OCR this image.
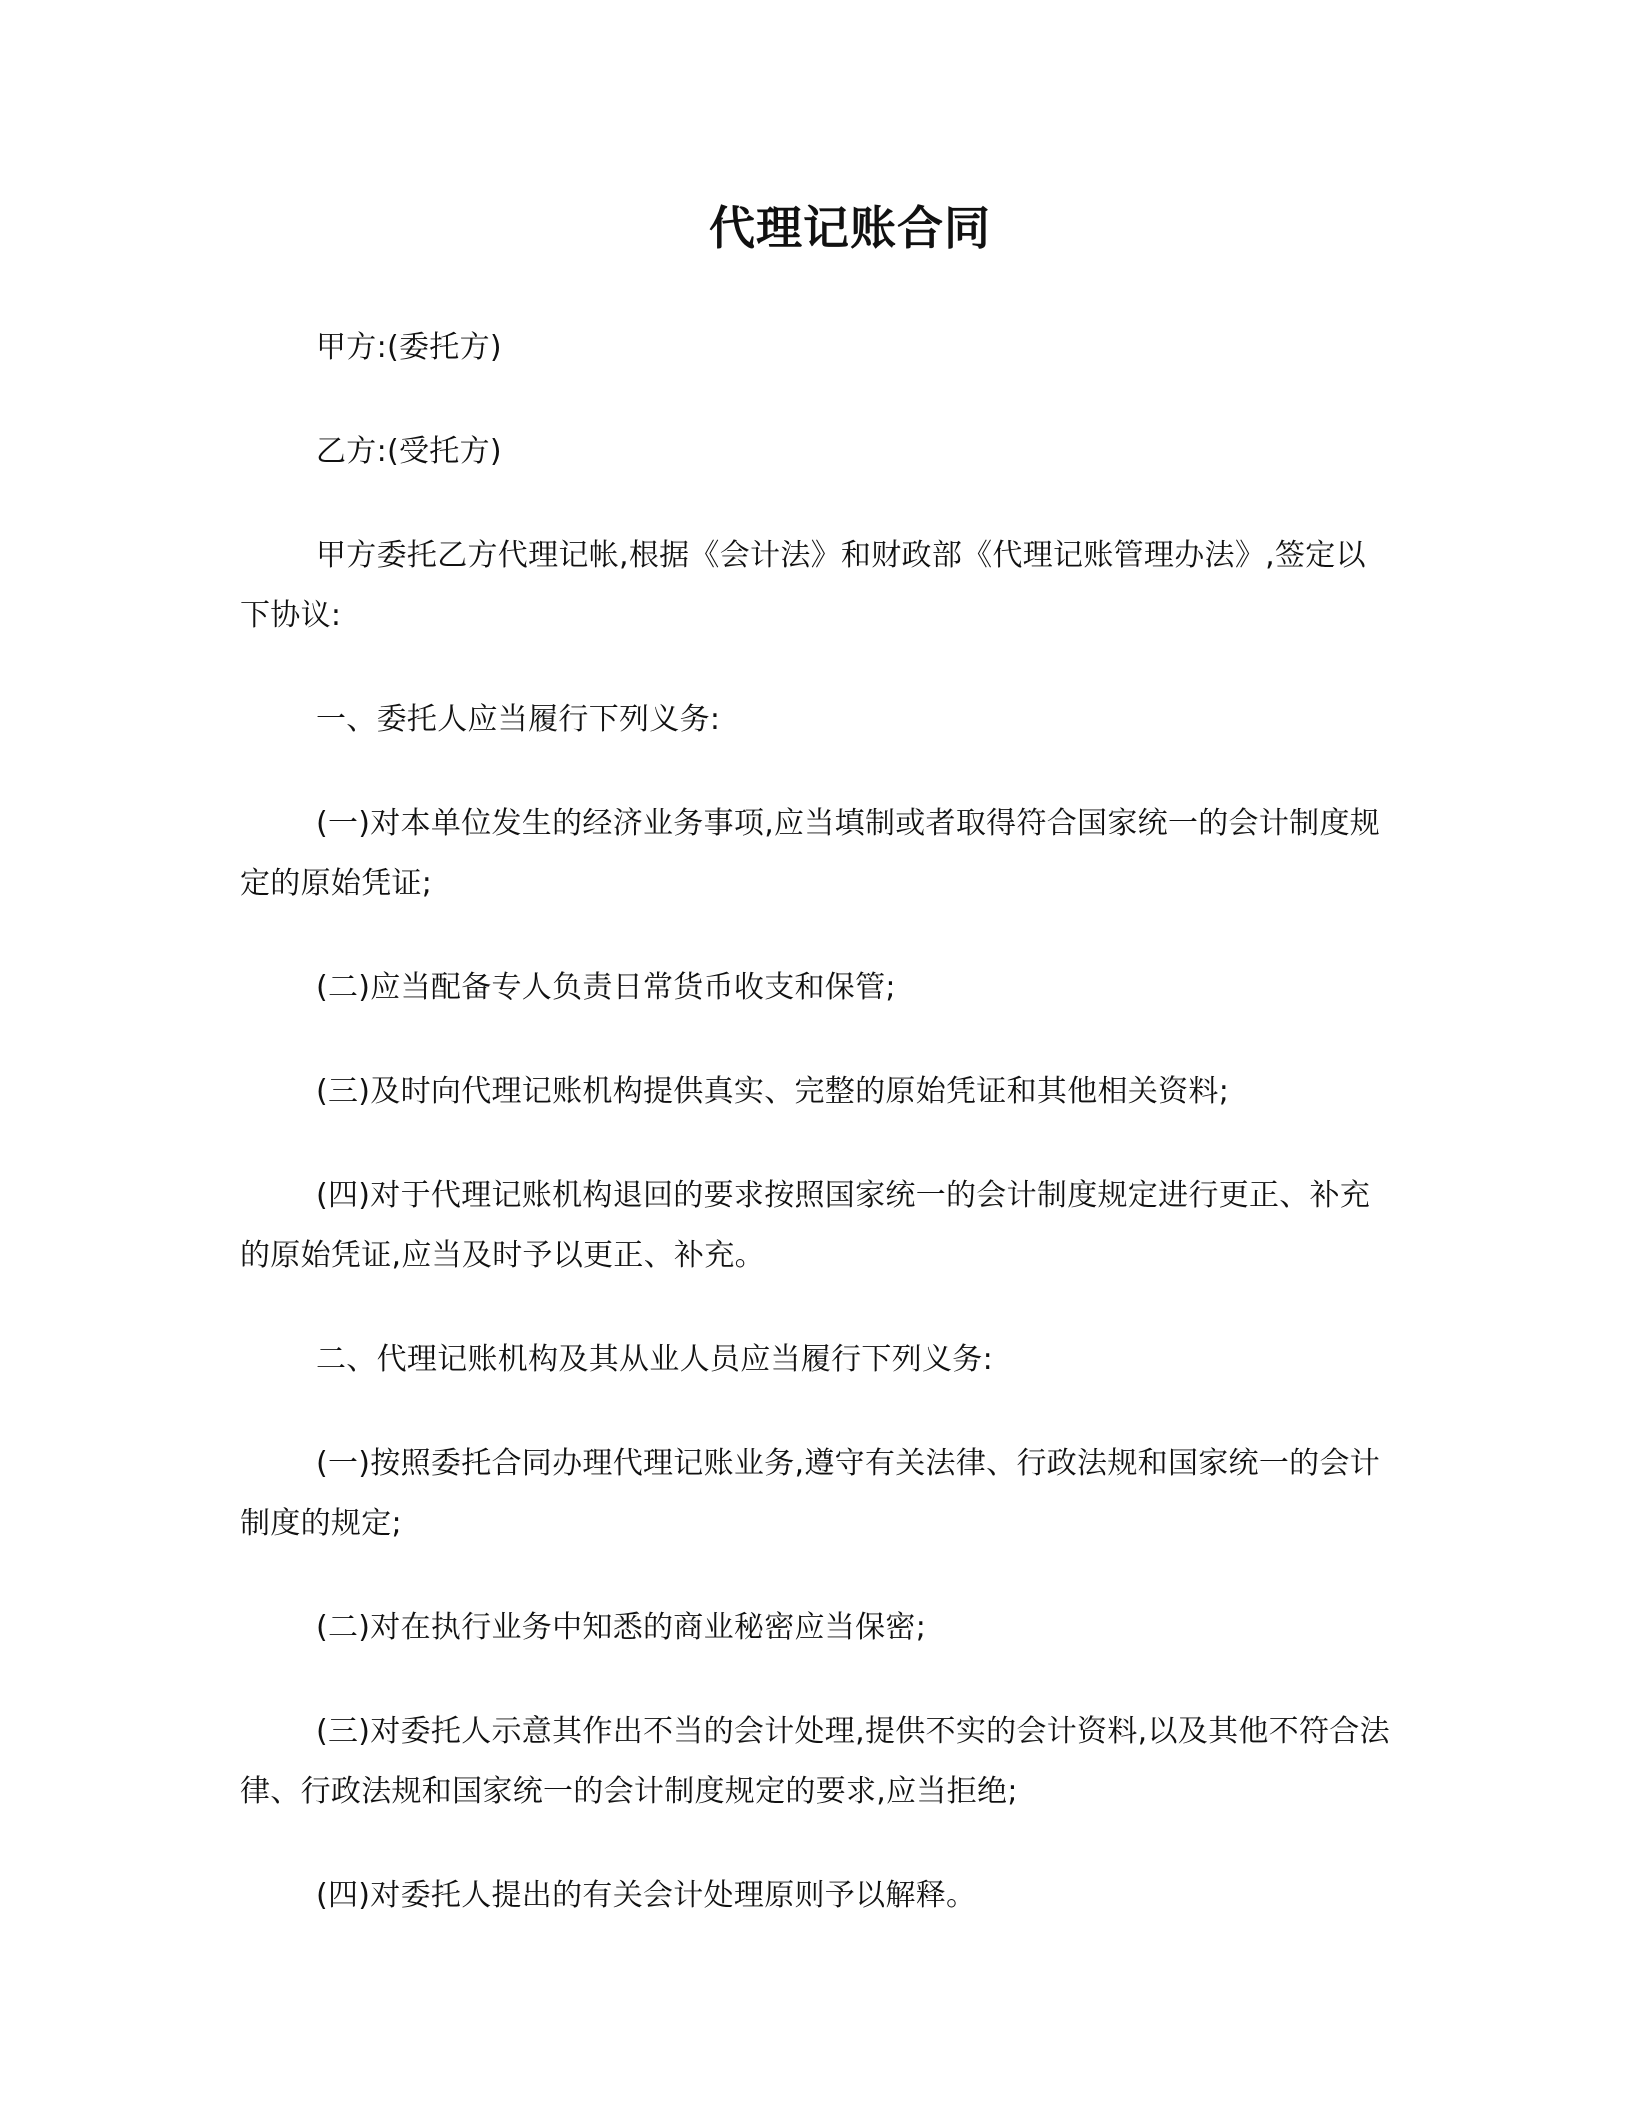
代理记账合同

甲方:(委托方)

乙方:(受托方)

甲方委托乙方代理记帐,根据《会计法》和财政部《代理记账管理办法》,签定以下协议:

一、委托人应当履行下列义务:

(一)对本单位发生的经济业务事项,应当填制或者取得符合国家统一的会计制度规定的原始凭证;

(二)应当配备专人负责日常货币收支和保管;

(三)及时向代理记账机构提供真实、完整的原始凭证和其他相关资料;

(四)对于代理记账机构退回的要求按照国家统一的会计制度规定进行更正、补充的原始凭证,应当及时予以更正、补充。

二、代理记账机构及其从业人员应当履行下列义务:

(一)按照委托合同办理代理记账业务,遵守有关法律、行政法规和国家统一的会计制度的规定;

(二)对在执行业务中知悉的商业秘密应当保密;

(三)对委托人示意其作出不当的会计处理,提供不实的会计资料,以及其他不符合法律、行政法规和国家统一的会计制度规定的要求,应当拒绝;

(四)对委托人提出的有关会计处理原则予以解释。
